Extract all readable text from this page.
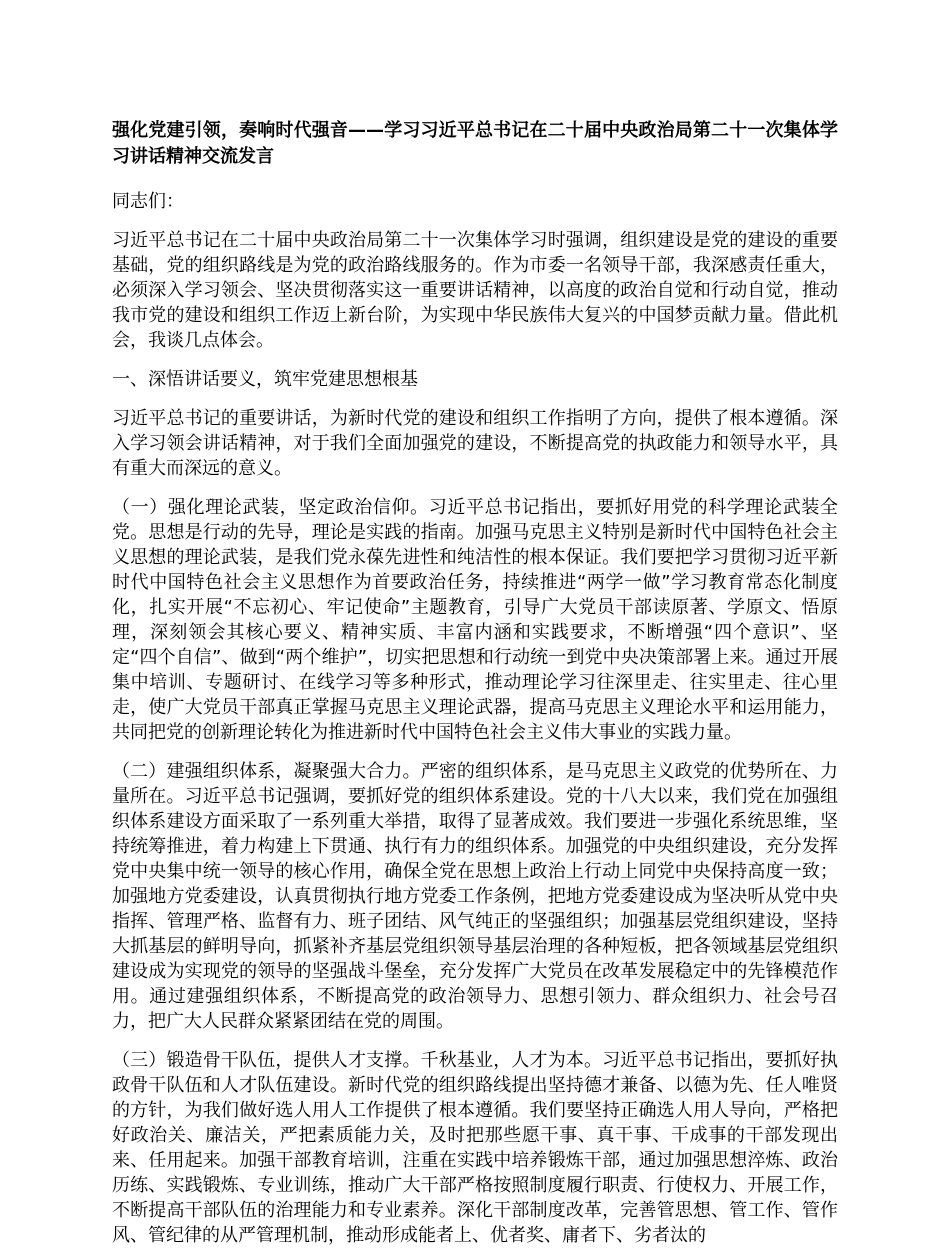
强化党建引领，奏响时代强音——学习习近平总书记在二十届中央政治局第二十一次集体学习讲话精神交流发言

同志们：

习近平总书记在二十届中央政治局第二十一次集体学习时强调，组织建设是党的建设的重要基础，党的组织路线是为党的政治路线服务的。作为市委一名领导干部，我深感责任重大，必须深入学习领会、坚决贯彻落实这一重要讲话精神，以高度的政治自觉和行动自觉，推动我市党的建设和组织工作迈上新台阶，为实现中华民族伟大复兴的中国梦贡献力量。借此机会，我谈几点体会。

一、深悟讲话要义，筑牢党建思想根基

习近平总书记的重要讲话，为新时代党的建设和组织工作指明了方向，提供了根本遵循。深入学习领会讲话精神，对于我们全面加强党的建设，不断提高党的执政能力和领导水平，具有重大而深远的意义。

（一）强化理论武装，坚定政治信仰。习近平总书记指出，要抓好用党的科学理论武装全党。思想是行动的先导，理论是实践的指南。加强马克思主义特别是新时代中国特色社会主义思想的理论武装，是我们党永葆先进性和纯洁性的根本保证。我们要把学习贯彻习近平新时代中国特色社会主义思想作为首要政治任务，持续推进“两学一做”学习教育常态化制度化，扎实开展“不忘初心、牢记使命”主题教育，引导广大党员干部读原著、学原文、悟原理，深刻领会其核心要义、精神实质、丰富内涵和实践要求，不断增强“四个意识”、坚定“四个自信”、做到“两个维护”，切实把思想和行动统一到党中央决策部署上来。通过开展集中培训、专题研讨、在线学习等多种形式，推动理论学习往深里走、往实里走、往心里走，使广大党员干部真正掌握马克思主义理论武器，提高马克思主义理论水平和运用能力，共同把党的创新理论转化为推进新时代中国特色社会主义伟大事业的实践力量。

（二）建强组织体系，凝聚强大合力。严密的组织体系，是马克思主义政党的优势所在、力量所在。习近平总书记强调，要抓好党的组织体系建设。党的十八大以来，我们党在加强组织体系建设方面采取了一系列重大举措，取得了显著成效。我们要进一步强化系统思维，坚持统筹推进，着力构建上下贯通、执行有力的组织体系。加强党的中央组织建设，充分发挥党中央集中统一领导的核心作用，确保全党在思想上政治上行动上同党中央保持高度一致；加强地方党委建设，认真贯彻执行地方党委工作条例，把地方党委建设成为坚决听从党中央指挥、管理严格、监督有力、班子团结、风气纯正的坚强组织；加强基层党组织建设，坚持大抓基层的鲜明导向，抓紧补齐基层党组织领导基层治理的各种短板，把各领域基层党组织建设成为实现党的领导的坚强战斗堡垒，充分发挥广大党员在改革发展稳定中的先锋模范作用。通过建强组织体系，不断提高党的政治领导力、思想引领力、群众组织力、社会号召力，把广大人民群众紧紧团结在党的周围。

（三）锻造骨干队伍，提供人才支撑。千秋基业，人才为本。习近平总书记指出，要抓好执政骨干队伍和人才队伍建设。新时代党的组织路线提出坚持德才兼备、以德为先、任人唯贤的方针，为我们做好选人用人工作提供了根本遵循。我们要坚持正确选人用人导向，严格把好政治关、廉洁关，严把素质能力关，及时把那些愿干事、真干事、干成事的干部发现出来、任用起来。加强干部教育培训，注重在实践中培养锻炼干部，通过加强思想淬炼、政治历练、实践锻炼、专业训练，推动广大干部严格按照制度履行职责、行使权力、开展工作，不断提高干部队伍的治理能力和专业素养。深化干部制度改革，完善管思想、管工作、管作风、管纪律的从严管理机制，推动形成能者上、优者奖、庸者下、劣者汰的
